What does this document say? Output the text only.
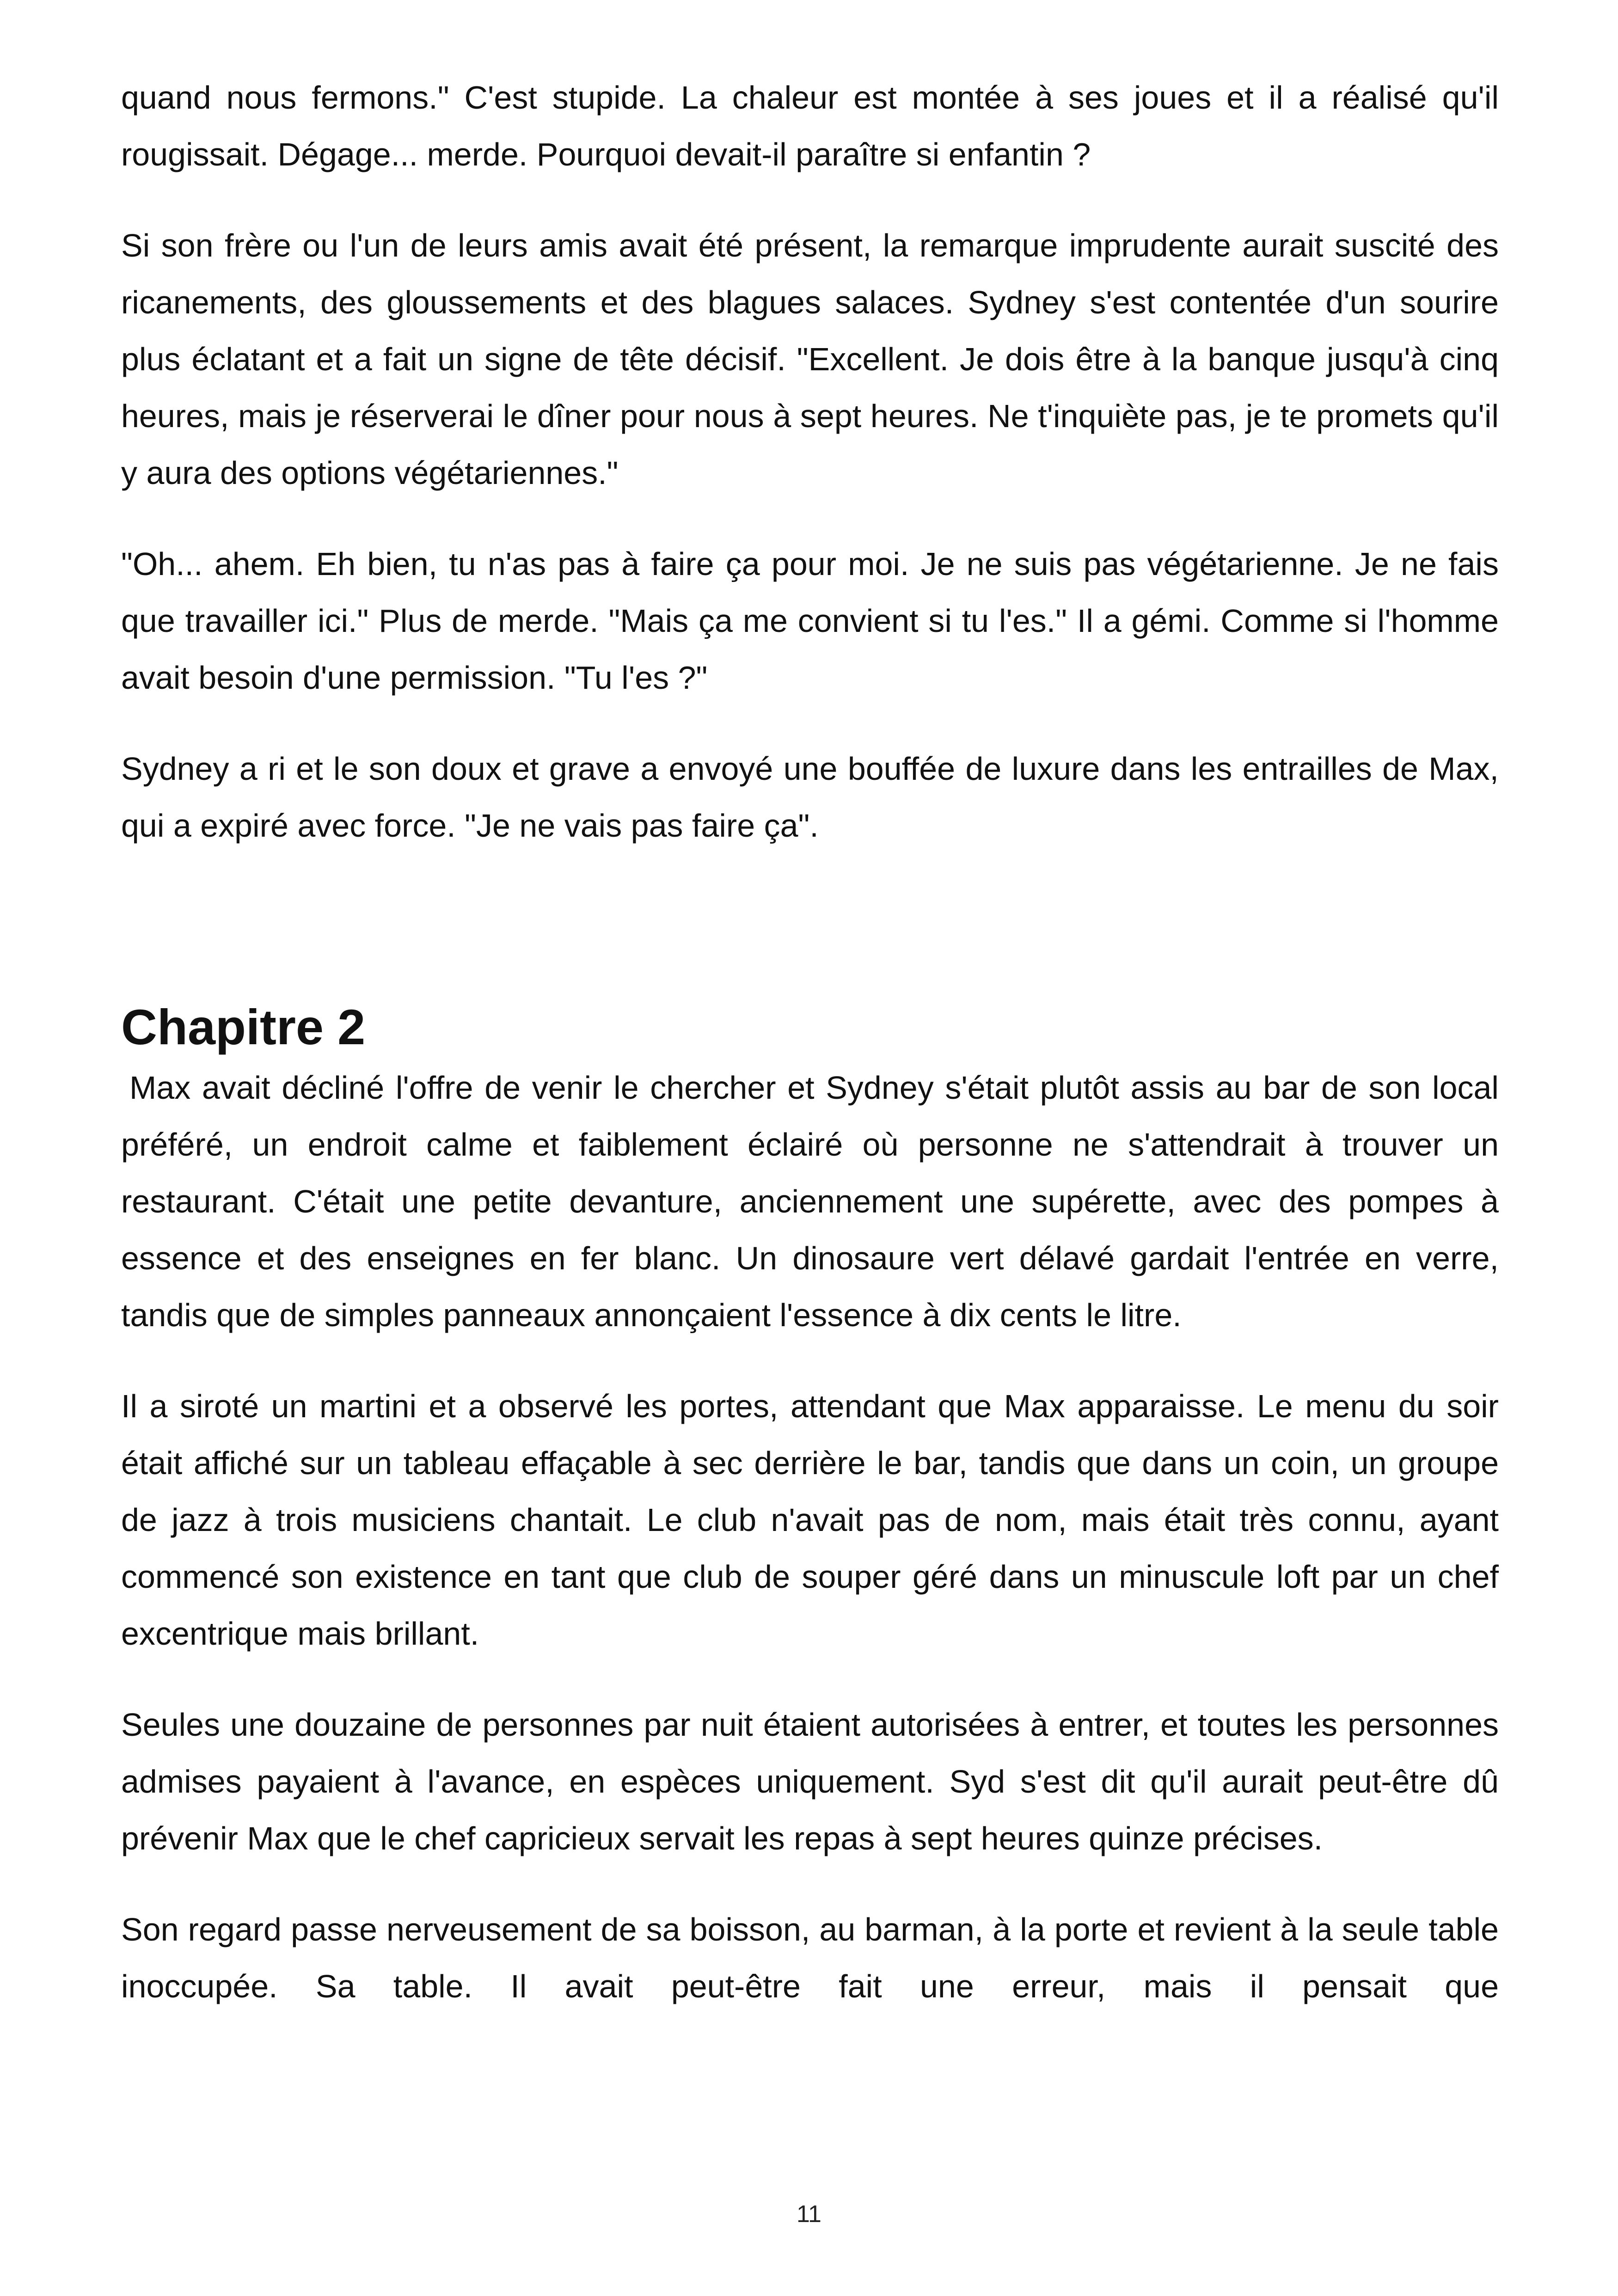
quand nous fermons." C'est stupide. La chaleur est montée à ses joues et il a réalisé qu'il rougissait. Dégage... merde. Pourquoi devait-il paraître si enfantin ?

Si son frère ou l'un de leurs amis avait été présent, la remarque imprudente aurait suscité des ricanements, des gloussements et des blagues salaces. Sydney s'est contentée d'un sourire plus éclatant et a fait un signe de tête décisif. "Excellent. Je dois être à la banque jusqu'à cinq heures, mais je réserverai le dîner pour nous à sept heures. Ne t'inquiète pas, je te promets qu'il y aura des options végétariennes."

"Oh... ahem. Eh bien, tu n'as pas à faire ça pour moi. Je ne suis pas végétarienne. Je ne fais que travailler ici." Plus de merde. "Mais ça me convient si tu l'es." Il a gémi. Comme si l'homme avait besoin d'une permission. "Tu l'es ?"

Sydney a ri et le son doux et grave a envoyé une bouffée de luxure dans les entrailles de Max, qui a expiré avec force. "Je ne vais pas faire ça".

Chapitre 2

Max avait décliné l'offre de venir le chercher et Sydney s'était plutôt assis au bar de son local préféré, un endroit calme et faiblement éclairé où personne ne s'attendrait à trouver un restaurant. C'était une petite devanture, anciennement une supérette, avec des pompes à essence et des enseignes en fer blanc. Un dinosaure vert délavé gardait l'entrée en verre, tandis que de simples panneaux annonçaient l'essence à dix cents le litre.

Il a siroté un martini et a observé les portes, attendant que Max apparaisse. Le menu du soir était affiché sur un tableau effaçable à sec derrière le bar, tandis que dans un coin, un groupe de jazz à trois musiciens chantait. Le club n'avait pas de nom, mais était très connu, ayant commencé son existence en tant que club de souper géré dans un minuscule loft par un chef excentrique mais brillant.

Seules une douzaine de personnes par nuit étaient autorisées à entrer, et toutes les personnes admises payaient à l'avance, en espèces uniquement. Syd s'est dit qu'il aurait peut-être dû prévenir Max que le chef capricieux servait les repas à sept heures quinze précises.

Son regard passe nerveusement de sa boisson, au barman, à la porte et revient à la seule table inoccupée. Sa table. Il avait peut-être fait une erreur, mais il pensait que

11
